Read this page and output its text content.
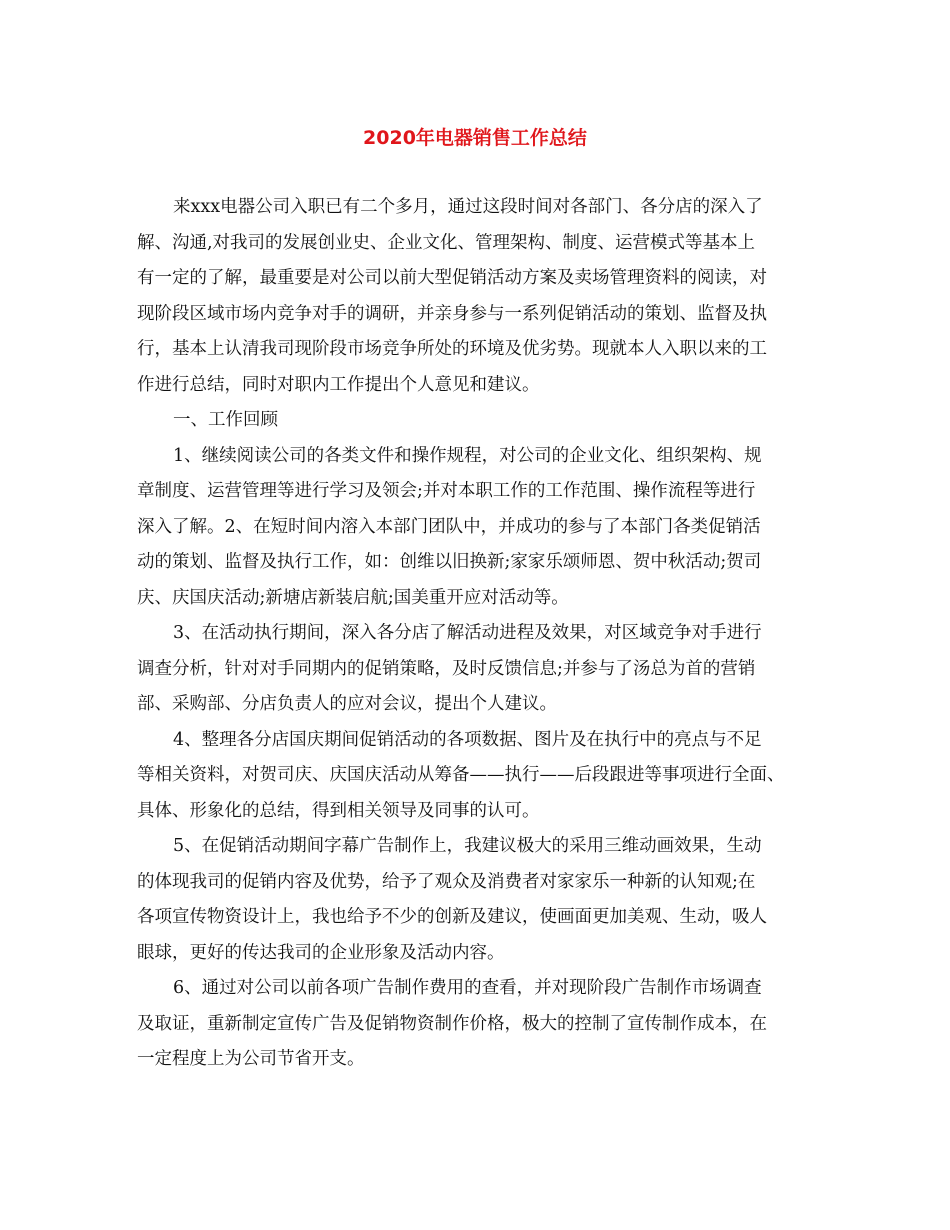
2020年电器销售工作总结
来xxx电器公司入职已有二个多月，通过这段时间对各部门、各分店的深入了
解、沟通,对我司的发展创业史、企业文化、管理架构、制度、运营模式等基本上
有一定的了解，最重要是对公司以前大型促销活动方案及卖场管理资料的阅读，对
现阶段区域市场内竞争对手的调研，并亲身参与一系列促销活动的策划、监督及执
行，基本上认清我司现阶段市场竞争所处的环境及优劣势。现就本人入职以来的工
作进行总结，同时对职内工作提出个人意见和建议。
一、工作回顾
1、继续阅读公司的各类文件和操作规程，对公司的企业文化、组织架构、规
章制度、运营管理等进行学习及领会;并对本职工作的工作范围、操作流程等进行
深入了解。2、在短时间内溶入本部门团队中，并成功的参与了本部门各类促销活
动的策划、监督及执行工作，如：创维以旧换新;家家乐颂师恩、贺中秋活动;贺司
庆、庆国庆活动;新塘店新装启航;国美重开应对活动等。
3、在活动执行期间，深入各分店了解活动进程及效果，对区域竞争对手进行
调查分析，针对对手同期内的促销策略，及时反馈信息;并参与了汤总为首的营销
部、采购部、分店负责人的应对会议，提出个人建议。
4、整理各分店国庆期间促销活动的各项数据、图片及在执行中的亮点与不足
等相关资料，对贺司庆、庆国庆活动从筹备——执行——后段跟进等事项进行全面、
具体、形象化的总结，得到相关领导及同事的认可。
5、在促销活动期间字幕广告制作上，我建议极大的采用三维动画效果，生动
的体现我司的促销内容及优势，给予了观众及消费者对家家乐一种新的认知观;在
各项宣传物资设计上，我也给予不少的创新及建议，使画面更加美观、生动，吸人
眼球，更好的传达我司的企业形象及活动内容。
6、通过对公司以前各项广告制作费用的查看，并对现阶段广告制作市场调查
及取证，重新制定宣传广告及促销物资制作价格，极大的控制了宣传制作成本，在
一定程度上为公司节省开支。
